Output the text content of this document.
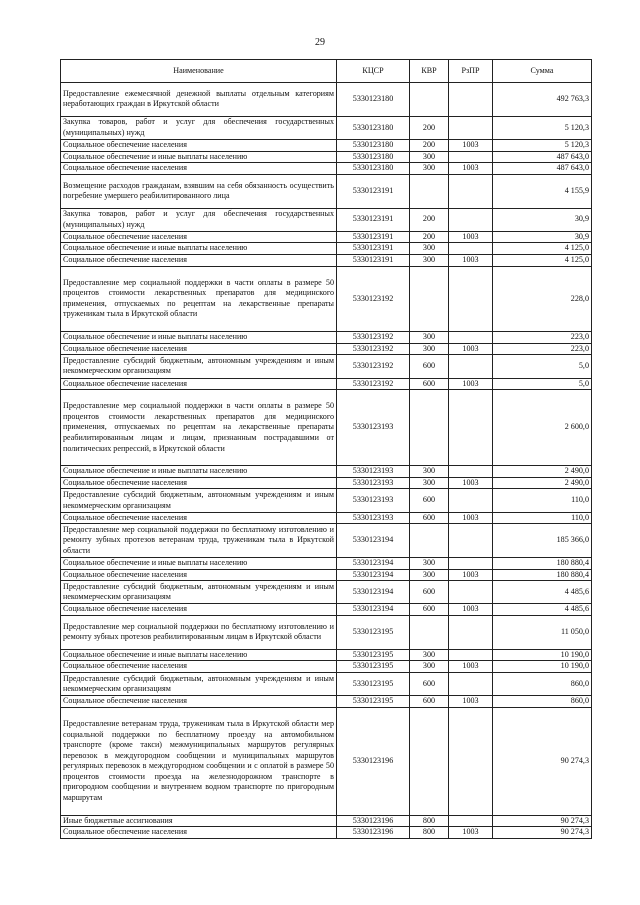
29
Наименование	КЦСР	КВР	РзПР	Сумма
Предоставление ежемесячной денежной выплаты отдельным категориям неработающих граждан в Иркутской области	5330123180			492 763,3
Закупка товаров, работ и услуг для обеспечения государственных (муниципальных) нужд	5330123180	200		5 120,3
Социальное обеспечение населения	5330123180	200	1003	5 120,3
Социальное обеспечение и иные выплаты населению	5330123180	300		487 643,0
Социальное обеспечение населения	5330123180	300	1003	487 643,0
Возмещение расходов гражданам, взявшим на себя обязанность осуществить погребение умершего реабилитированного лица	5330123191			4 155,9
Закупка товаров, работ и услуг для обеспечения государственных (муниципальных) нужд	5330123191	200		30,9
Социальное обеспечение населения	5330123191	200	1003	30,9
Социальное обеспечение и иные выплаты населению	5330123191	300		4 125,0
Социальное обеспечение населения	5330123191	300	1003	4 125,0
Предоставление мер социальной поддержки в части оплаты в размере 50 процентов стоимости лекарственных препаратов для медицинского применения, отпускаемых по рецептам на лекарственные препараты труженикам тыла в Иркутской области	5330123192			228,0
Социальное обеспечение и иные выплаты населению	5330123192	300		223,0
Социальное обеспечение населения	5330123192	300	1003	223,0
Предоставление субсидий бюджетным, автономным учреждениям и иным некоммерческим организациям	5330123192	600		5,0
Социальное обеспечение населения	5330123192	600	1003	5,0
Предоставление мер социальной поддержки в части оплаты в размере 50 процентов стоимости лекарственных препаратов для медицинского применения, отпускаемых по рецептам на лекарственные препараты реабилитированным лицам и лицам, признанным пострадавшими от политических репрессий, в Иркутской области	5330123193			2 600,0
Социальное обеспечение и иные выплаты населению	5330123193	300		2 490,0
Социальное обеспечение населения	5330123193	300	1003	2 490,0
Предоставление субсидий бюджетным, автономным учреждениям и иным некоммерческим организациям	5330123193	600		110,0
Социальное обеспечение населения	5330123193	600	1003	110,0
Предоставление мер социальной поддержки по бесплатному изготовлению и ремонту зубных протезов ветеранам труда, труженикам тыла в Иркутской области	5330123194			185 366,0
Социальное обеспечение и иные выплаты населению	5330123194	300		180 880,4
Социальное обеспечение населения	5330123194	300	1003	180 880,4
Предоставление субсидий бюджетным, автономным учреждениям и иным некоммерческим организациям	5330123194	600		4 485,6
Социальное обеспечение населения	5330123194	600	1003	4 485,6
Предоставление мер социальной поддержки по бесплатному изготовлению и ремонту зубных протезов реабилитированным лицам в Иркутской области	5330123195			11 050,0
Социальное обеспечение и иные выплаты населению	5330123195	300		10 190,0
Социальное обеспечение населения	5330123195	300	1003	10 190,0
Предоставление субсидий бюджетным, автономным учреждениям и иным некоммерческим организациям	5330123195	600		860,0
Социальное обеспечение населения	5330123195	600	1003	860,0
Предоставление ветеранам труда, труженикам тыла в Иркутской области мер социальной поддержки по бесплатному проезду на автомобильном транспорте (кроме такси) межмуниципальных маршрутов регулярных перевозок в междугородном сообщении и муниципальных маршрутов регулярных перевозок в междугородном сообщении и с оплатой в размере 50 процентов стоимости проезда на железнодорожном транспорте в пригородном сообщении и внутреннем водном транспорте по пригородным маршрутам	5330123196			90 274,3
Иные бюджетные ассигнования	5330123196	800		90 274,3
Социальное обеспечение населения	5330123196	800	1003	90 274,3
